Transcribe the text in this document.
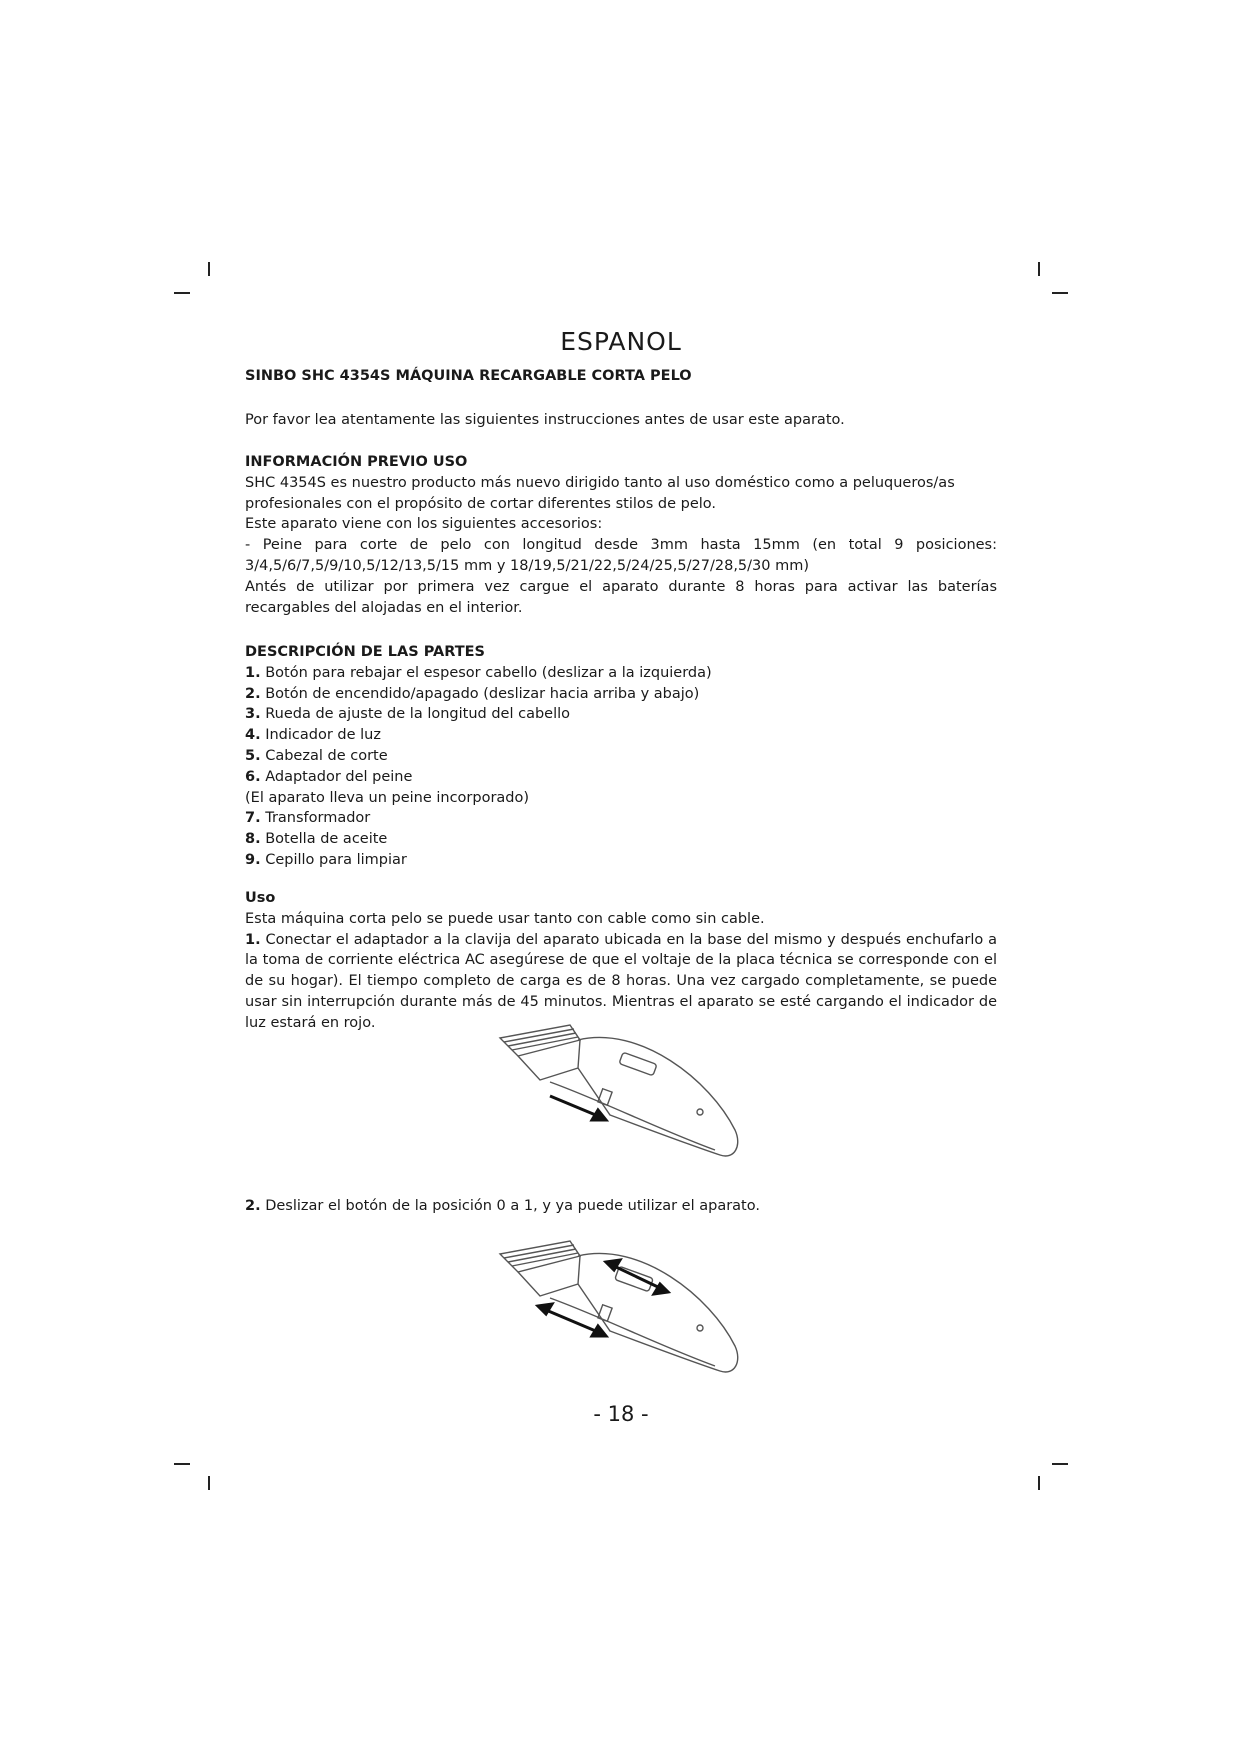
ESPANOL
SINBO SHC 4354S MÁQUINA RECARGABLE CORTA PELO

Por favor lea atentamente las siguientes instrucciones antes de usar este aparato.

INFORMACIÓN PREVIO USO

SHC 4354S es nuestro producto más nuevo dirigido tanto al uso doméstico como a peluqueros/as profesionales con el propósito de cortar diferentes stilos de pelo.

Este aparato viene con los siguientes accesorios:

- Peine para corte de pelo con longitud desde 3mm hasta 15mm (en total 9 posiciones: 3/4,5/6/7,5/9/10,5/12/13,5/15 mm y 18/19,5/21/22,5/24/25,5/27/28,5/30 mm)

Antés de utilizar por primera vez cargue el aparato durante 8 horas para activar las baterías recargables del alojadas en el interior.

DESCRIPCIÓN DE LAS PARTES

1. Botón para rebajar el espesor cabello (deslizar a la izquierda)
2. Botón de encendido/apagado (deslizar hacia arriba y abajo)
3. Rueda de ajuste de la longitud del cabello
4. Indicador de luz
5. Cabezal de corte
6. Adaptador del peine
(El aparato lleva un peine incorporado)
7. Transformador
8. Botella de aceite
9. Cepillo para limpiar

Uso

Esta máquina corta pelo se puede usar tanto con cable como sin cable.

1. Conectar el adaptador a la clavija del aparato ubicada en la base del mismo y después enchufarlo a la toma de corriente eléctrica AC asegúrese de que el voltaje de la placa técnica se corresponde con el de su hogar). El tiempo completo de carga es de 8 horas. Una vez cargado completamente, se puede usar sin interrupción durante más de 45 minutos. Mientras el aparato se esté cargando el indicador de luz estará en rojo.

2. Deslizar el botón de la posición 0 a 1, y ya puede utilizar el aparato.

- 18 -
